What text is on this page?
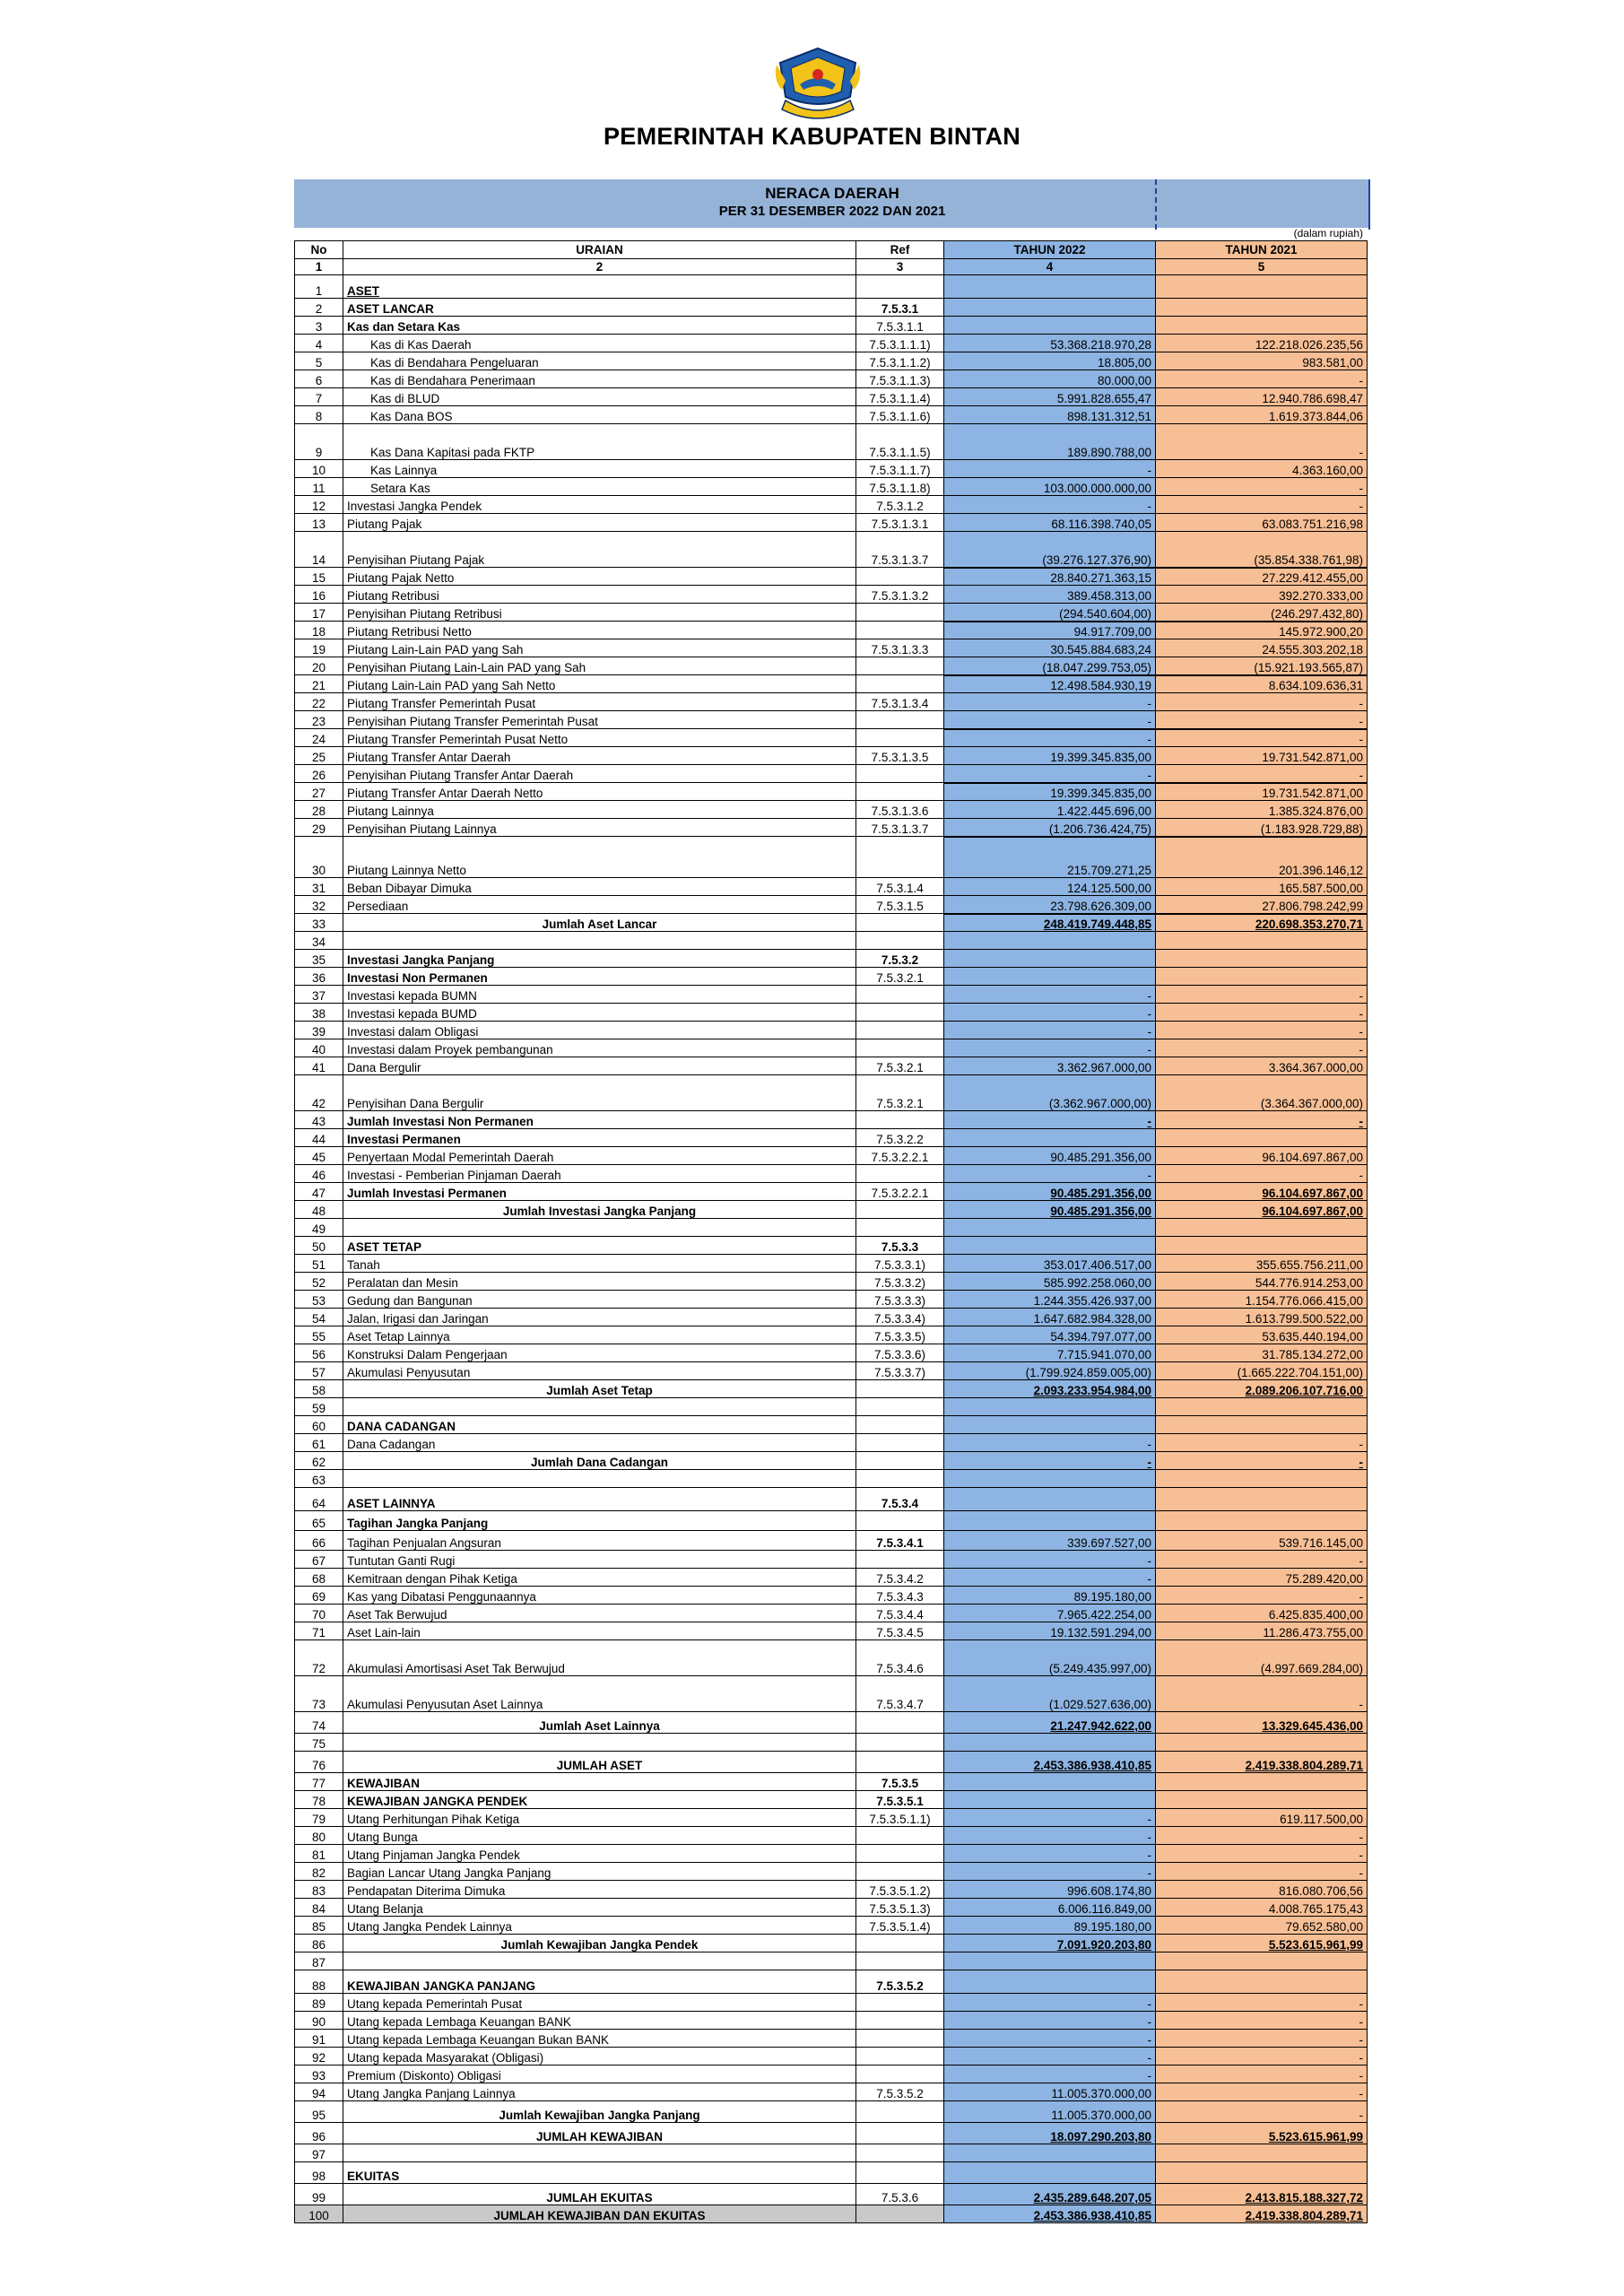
PEMERINTAH KABUPATEN BINTAN
NERACA DAERAH
PER 31 DESEMBER 2022 DAN 2021
(dalam rupiah)
No	URAIAN	Ref	TAHUN 2022	TAHUN 2021
1	2	3	4	5
1	ASET			
2	ASET LANCAR	7.5.3.1		
3	Kas dan Setara Kas	7.5.3.1.1		
4	Kas di Kas Daerah	7.5.3.1.1.1)	53.368.218.970,28	122.218.026.235,56
5	Kas di Bendahara Pengeluaran	7.5.3.1.1.2)	18.805,00	983.581,00
6	Kas di Bendahara Penerimaan	7.5.3.1.1.3)	80.000,00	-
7	Kas di BLUD	7.5.3.1.1.4)	5.991.828.655,47	12.940.786.698,47
8	Kas Dana BOS	7.5.3.1.1.6)	898.131.312,51	1.619.373.844,06
9	Kas Dana Kapitasi pada FKTP	7.5.3.1.1.5)	189.890.788,00	-
10	Kas Lainnya	7.5.3.1.1.7)	-	4.363.160,00
11	Setara Kas	7.5.3.1.1.8)	103.000.000.000,00	-
12	Investasi Jangka Pendek	7.5.3.1.2	-	-
13	Piutang Pajak	7.5.3.1.3.1	68.116.398.740,05	63.083.751.216,98
14	Penyisihan Piutang Pajak	7.5.3.1.3.7	(39.276.127.376,90)	(35.854.338.761,98)
15	Piutang Pajak Netto		28.840.271.363,15	27.229.412.455,00
16	Piutang Retribusi	7.5.3.1.3.2	389.458.313,00	392.270.333,00
17	Penyisihan Piutang Retribusi		(294.540.604,00)	(246.297.432,80)
18	Piutang Retribusi Netto		94.917.709,00	145.972.900,20
19	Piutang Lain-Lain PAD yang Sah	7.5.3.1.3.3	30.545.884.683,24	24.555.303.202,18
20	Penyisihan Piutang Lain-Lain PAD yang Sah		(18.047.299.753,05)	(15.921.193.565,87)
21	Piutang Lain-Lain PAD yang Sah Netto		12.498.584.930,19	8.634.109.636,31
22	Piutang Transfer Pemerintah Pusat	7.5.3.1.3.4	-	-
23	Penyisihan Piutang Transfer Pemerintah Pusat		-	-
24	Piutang Transfer Pemerintah Pusat Netto		-	-
25	Piutang Transfer Antar Daerah	7.5.3.1.3.5	19.399.345.835,00	19.731.542.871,00
26	Penyisihan Piutang Transfer Antar Daerah		-	-
27	Piutang Transfer Antar Daerah Netto		19.399.345.835,00	19.731.542.871,00
28	Piutang Lainnya	7.5.3.1.3.6	1.422.445.696,00	1.385.324.876,00
29	Penyisihan Piutang Lainnya	7.5.3.1.3.7	(1.206.736.424,75)	(1.183.928.729,88)
30	Piutang Lainnya Netto		215.709.271,25	201.396.146,12
31	Beban Dibayar Dimuka	7.5.3.1.4	124.125.500,00	165.587.500,00
32	Persediaan	7.5.3.1.5	23.798.626.309,00	27.806.798.242,99
33	Jumlah Aset Lancar		248.419.749.448,85	220.698.353.270,71
34				
35	Investasi Jangka Panjang	7.5.3.2		
36	Investasi Non Permanen	7.5.3.2.1		
37	Investasi kepada BUMN		-	-
38	Investasi kepada BUMD		-	-
39	Investasi dalam Obligasi		-	-
40	Investasi dalam Proyek pembangunan		-	-
41	Dana Bergulir	7.5.3.2.1	3.362.967.000,00	3.364.367.000,00
42	Penyisihan Dana Bergulir	7.5.3.2.1	(3.362.967.000,00)	(3.364.367.000,00)
43	Jumlah Investasi Non Permanen		-	-
44	Investasi Permanen	7.5.3.2.2		
45	Penyertaan Modal Pemerintah Daerah	7.5.3.2.2.1	90.485.291.356,00	96.104.697.867,00
46	Investasi - Pemberian Pinjaman Daerah		-	-
47	Jumlah Investasi Permanen	7.5.3.2.2.1	90.485.291.356,00	96.104.697.867,00
48	Jumlah Investasi Jangka Panjang		90.485.291.356,00	96.104.697.867,00
49				
50	ASET TETAP	7.5.3.3		
51	Tanah	7.5.3.3.1)	353.017.406.517,00	355.655.756.211,00
52	Peralatan dan Mesin	7.5.3.3.2)	585.992.258.060,00	544.776.914.253,00
53	Gedung dan Bangunan	7.5.3.3.3)	1.244.355.426.937,00	1.154.776.066.415,00
54	Jalan, Irigasi dan Jaringan	7.5.3.3.4)	1.647.682.984.328,00	1.613.799.500.522,00
55	Aset Tetap Lainnya	7.5.3.3.5)	54.394.797.077,00	53.635.440.194,00
56	Konstruksi Dalam Pengerjaan	7.5.3.3.6)	7.715.941.070,00	31.785.134.272,00
57	Akumulasi Penyusutan	7.5.3.3.7)	(1.799.924.859.005,00)	(1.665.222.704.151,00)
58	Jumlah Aset Tetap		2.093.233.954.984,00	2.089.206.107.716,00
59				
60	DANA CADANGAN			
61	Dana Cadangan		-	-
62	Jumlah Dana Cadangan		-	-
63				
64	ASET LAINNYA	7.5.3.4		
65	Tagihan Jangka Panjang			
66	Tagihan Penjualan Angsuran	7.5.3.4.1	339.697.527,00	539.716.145,00
67	Tuntutan Ganti Rugi		-	-
68	Kemitraan dengan Pihak Ketiga	7.5.3.4.2	-	75.289.420,00
69	Kas yang Dibatasi Penggunaannya	7.5.3.4.3	89.195.180,00	-
70	Aset Tak Berwujud	7.5.3.4.4	7.965.422.254,00	6.425.835.400,00
71	Aset Lain-lain	7.5.3.4.5	19.132.591.294,00	11.286.473.755,00
72	Akumulasi Amortisasi Aset Tak Berwujud	7.5.3.4.6	(5.249.435.997,00)	(4.997.669.284,00)
73	Akumulasi Penyusutan Aset Lainnya	7.5.3.4.7	(1.029.527.636,00)	-
74	Jumlah Aset Lainnya		21.247.942.622,00	13.329.645.436,00
75				
76	JUMLAH ASET		2.453.386.938.410,85	2.419.338.804.289,71
77	KEWAJIBAN	7.5.3.5		
78	KEWAJIBAN JANGKA PENDEK	7.5.3.5.1		
79	Utang Perhitungan Pihak Ketiga	7.5.3.5.1.1)	-	619.117.500,00
80	Utang Bunga		-	-
81	Utang Pinjaman Jangka Pendek		-	-
82	Bagian Lancar Utang Jangka Panjang		-	-
83	Pendapatan Diterima Dimuka	7.5.3.5.1.2)	996.608.174,80	816.080.706,56
84	Utang Belanja	7.5.3.5.1.3)	6.006.116.849,00	4.008.765.175,43
85	Utang Jangka Pendek Lainnya	7.5.3.5.1.4)	89.195.180,00	79.652.580,00
86	Jumlah Kewajiban Jangka Pendek		7.091.920.203,80	5.523.615.961,99
87				
88	KEWAJIBAN JANGKA PANJANG	7.5.3.5.2		
89	Utang kepada Pemerintah Pusat		-	-
90	Utang kepada Lembaga Keuangan BANK		-	-
91	Utang kepada Lembaga Keuangan Bukan BANK		-	-
92	Utang kepada Masyarakat (Obligasi)		-	-
93	Premium (Diskonto) Obligasi		-	-
94	Utang Jangka Panjang Lainnya	7.5.3.5.2	11.005.370.000,00	-
95	Jumlah Kewajiban Jangka Panjang		11.005.370.000,00	-
96	JUMLAH KEWAJIBAN		18.097.290.203,80	5.523.615.961,99
97				
98	EKUITAS			
99	JUMLAH EKUITAS	7.5.3.6	2.435.289.648.207,05	2.413.815.188.327,72
100	JUMLAH KEWAJIBAN DAN EKUITAS		2.453.386.938.410,85	2.419.338.804.289,71
